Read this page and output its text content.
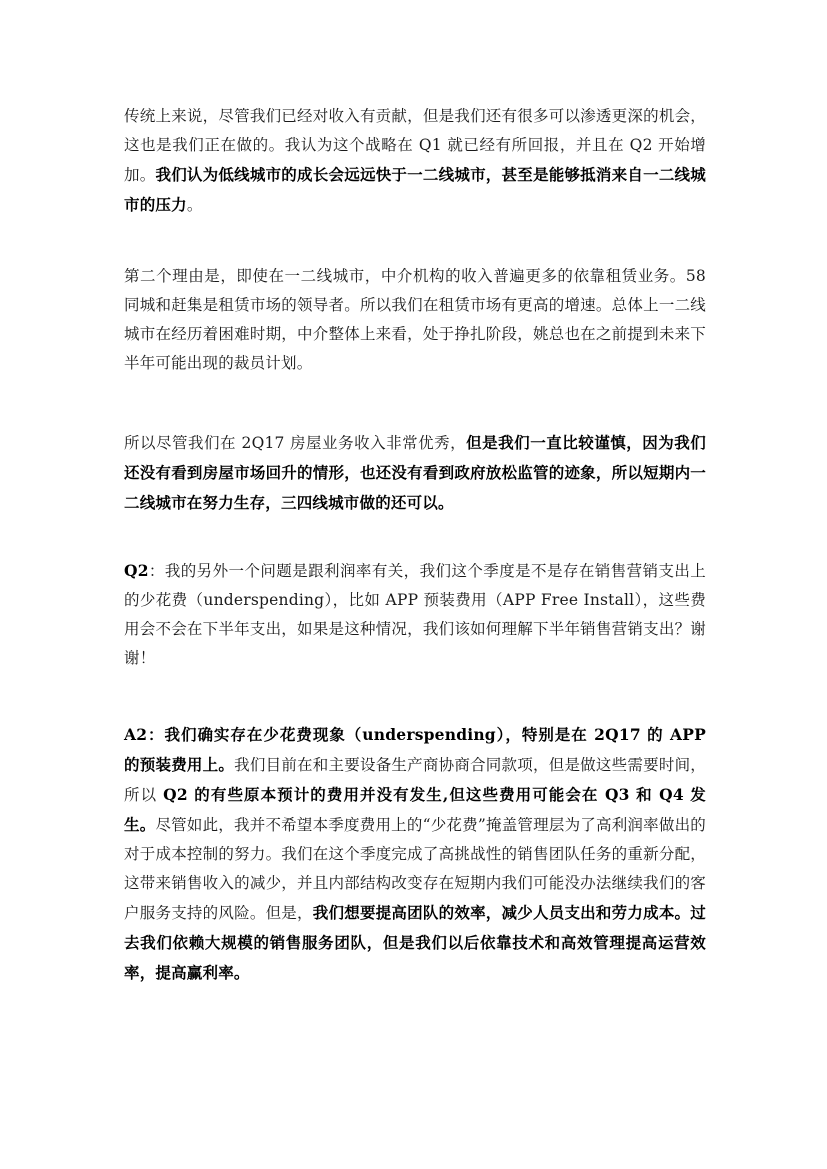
传统上来说，尽管我们已经对收入有贡献，但是我们还有很多可以渗透更深的机会，这也是我们正在做的。我认为这个战略在 Q1 就已经有所回报，并且在 Q2 开始增加。我们认为低线城市的成长会远远快于一二线城市，甚至是能够抵消来自一二线城市的压力。

第二个理由是，即使在一二线城市，中介机构的收入普遍更多的依靠租赁业务。58 同城和赶集是租赁市场的领导者。所以我们在租赁市场有更高的增速。总体上一二线城市在经历着困难时期，中介整体上来看，处于挣扎阶段，姚总也在之前提到未来下半年可能出现的裁员计划。

所以尽管我们在 2Q17 房屋业务收入非常优秀，但是我们一直比较谨慎，因为我们还没有看到房屋市场回升的情形，也还没有看到政府放松监管的迹象，所以短期内一二线城市在努力生存，三四线城市做的还可以。

Q2：我的另外一个问题是跟利润率有关，我们这个季度是不是存在销售营销支出上的少花费（underspending），比如 APP 预装费用（APP Free Install），这些费用会不会在下半年支出，如果是这种情况，我们该如何理解下半年销售营销支出？谢谢！

A2：我们确实存在少花费现象（underspending），特别是在 2Q17 的 APP 的预装费用上。我们目前在和主要设备生产商协商合同款项，但是做这些需要时间，所以 Q2 的有些原本预计的费用并没有发生,但这些费用可能会在 Q3 和 Q4 发生。尽管如此，我并不希望本季度费用上的“少花费”掩盖管理层为了高利润率做出的对于成本控制的努力。我们在这个季度完成了高挑战性的销售团队任务的重新分配，这带来销售收入的减少，并且内部结构改变存在短期内我们可能没办法继续我们的客户服务支持的风险。但是，我们想要提高团队的效率，减少人员支出和劳力成本。过去我们依赖大规模的销售服务团队，但是我们以后依靠技术和高效管理提高运营效率，提高赢利率。
